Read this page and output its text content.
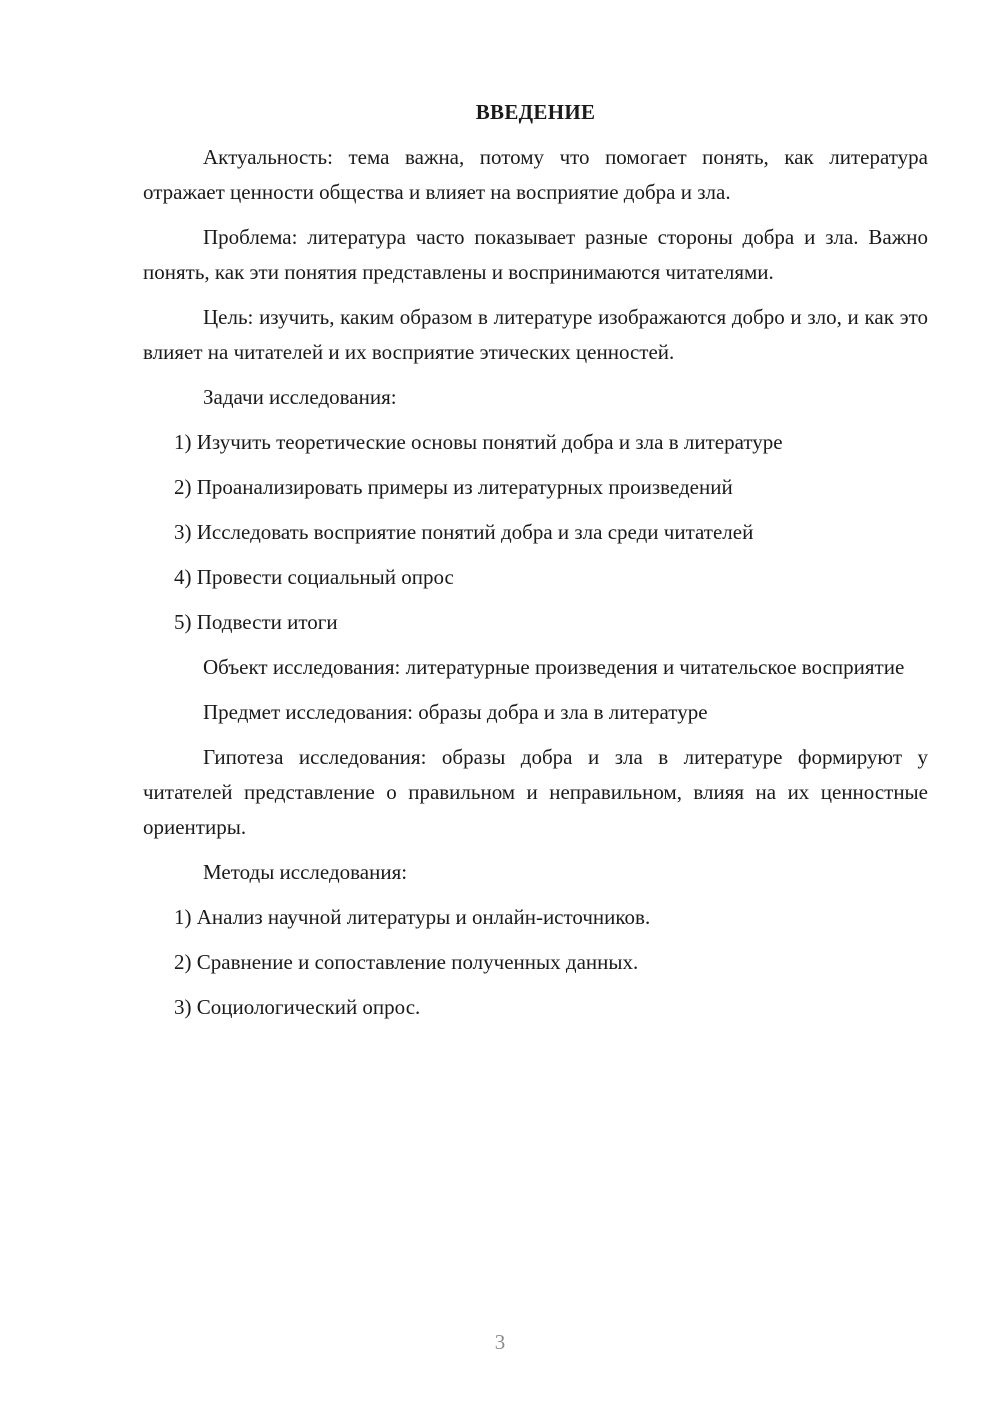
ВВЕДЕНИЕ

Актуальность: тема важна, потому что помогает понять, как литература отражает ценности общества и влияет на восприятие добра и зла.

Проблема: литература часто показывает разные стороны добра и зла. Важно понять, как эти понятия представлены и воспринимаются читателями.

Цель: изучить, каким образом в литературе изображаются добро и зло, и как это влияет на читателей и их восприятие этических ценностей.

Задачи исследования:

1) Изучить теоретические основы понятий добра и зла в литературе
2) Проанализировать примеры из литературных произведений
3) Исследовать восприятие понятий добра и зла среди читателей
4) Провести социальный опрос
5) Подвести итоги

Объект исследования: литературные произведения и читательское восприятие

Предмет исследования: образы добра и зла в литературе

Гипотеза исследования: образы добра и зла в литературе формируют у читателей представление о правильном и неправильном, влияя на их ценностные ориентиры.

Методы исследования:

1) Анализ научной литературы и онлайн-источников.
2) Сравнение и сопоставление полученных данных.
3) Социологический опрос.
3
